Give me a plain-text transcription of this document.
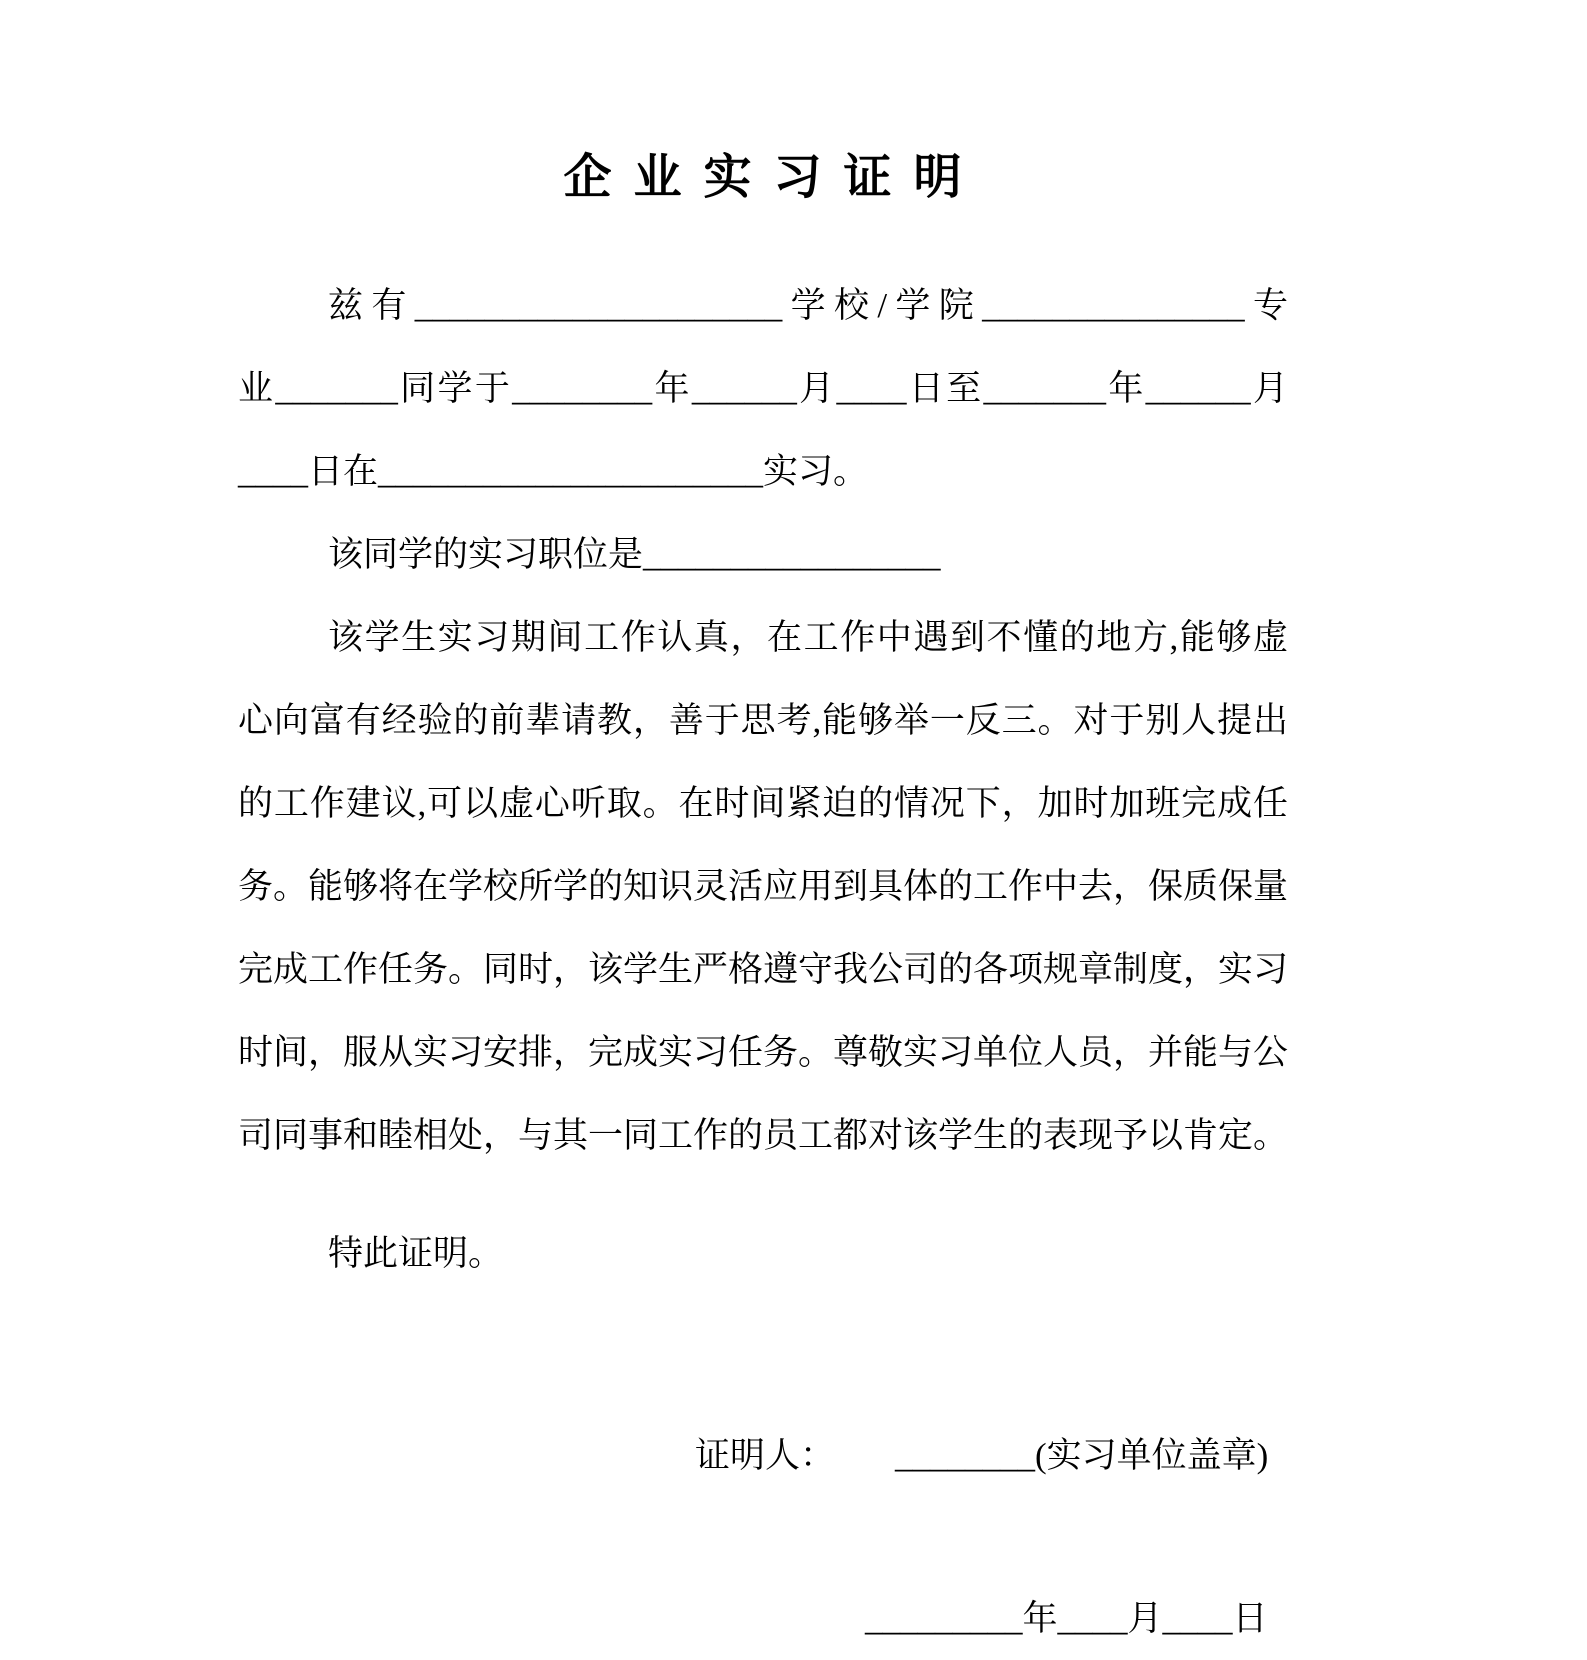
企 业 实 习 证 明
兹有_____________________学校/学院_______________专
业_______同学于________年______月____日至_______年______月
____日在______________________实习。
该同学的实习职位是_________________
该学生实习期间工作认真，在工作中遇到不懂的地方,能够虚
心向富有经验的前辈请教，善于思考,能够举一反三。对于别人提出
的工作建议,可以虚心听取。在时间紧迫的情况下，加时加班完成任
务。能够将在学校所学的知识灵活应用到具体的工作中去，保质保量
完成工作任务。同时，该学生严格遵守我公司的各项规章制度，实习
时间，服从实习安排，完成实习任务。尊敬实习单位人员，并能与公
司同事和睦相处，与其一同工作的员工都对该学生的表现予以肯定。
特此证明。
证明人： ________(实习单位盖章)
_________年____月____日
